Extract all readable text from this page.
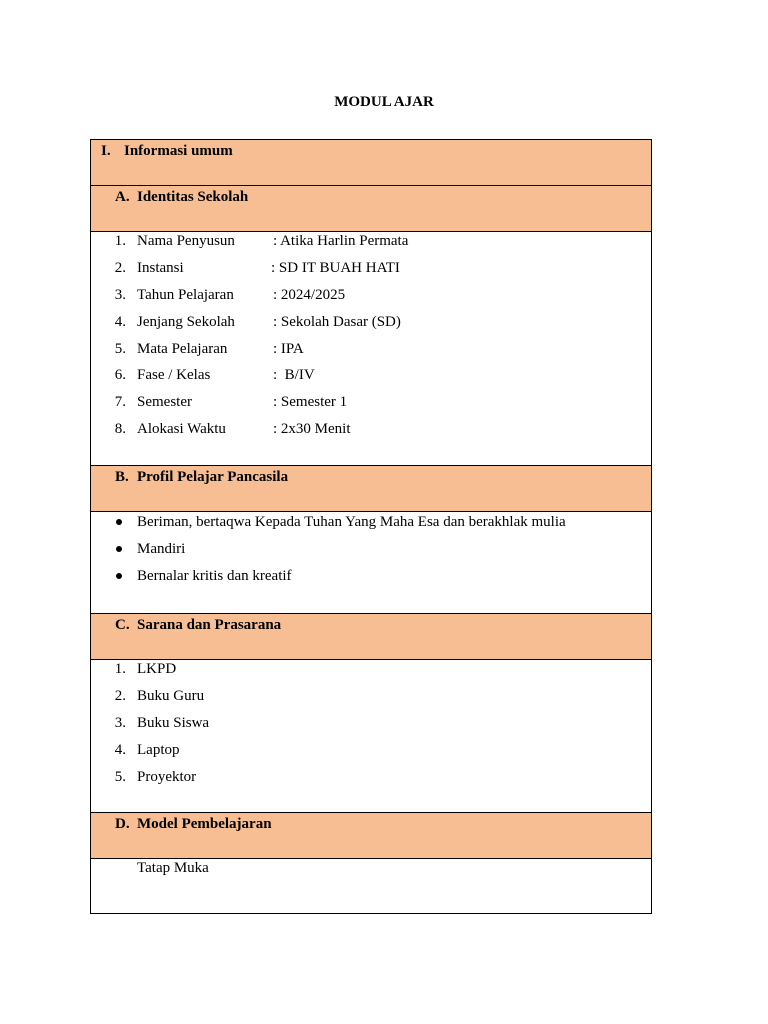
MODUL AJAR
I. Informasi umum
A. Identitas Sekolah
1. Nama Penyusun	: Atika Harlin Permata
2. Instansi	: SD IT BUAH HATI
3. Tahun Pelajaran	: 2024/2025
4. Jenjang Sekolah	: Sekolah Dasar (SD)
5. Mata Pelajaran	: IPA
6. Fase / Kelas	:  B/IV
7. Semester	: Semester 1
8. Alokasi Waktu	: 2x30 Menit
B. Profil Pelajar Pancasila
Beriman, bertaqwa Kepada Tuhan Yang Maha Esa dan berakhlak mulia
Mandiri
Bernalar kritis dan kreatif
C. Sarana dan Prasarana
1. LKPD
2. Buku Guru
3. Buku Siswa
4. Laptop
5. Proyektor
D. Model Pembelajaran
Tatap Muka
